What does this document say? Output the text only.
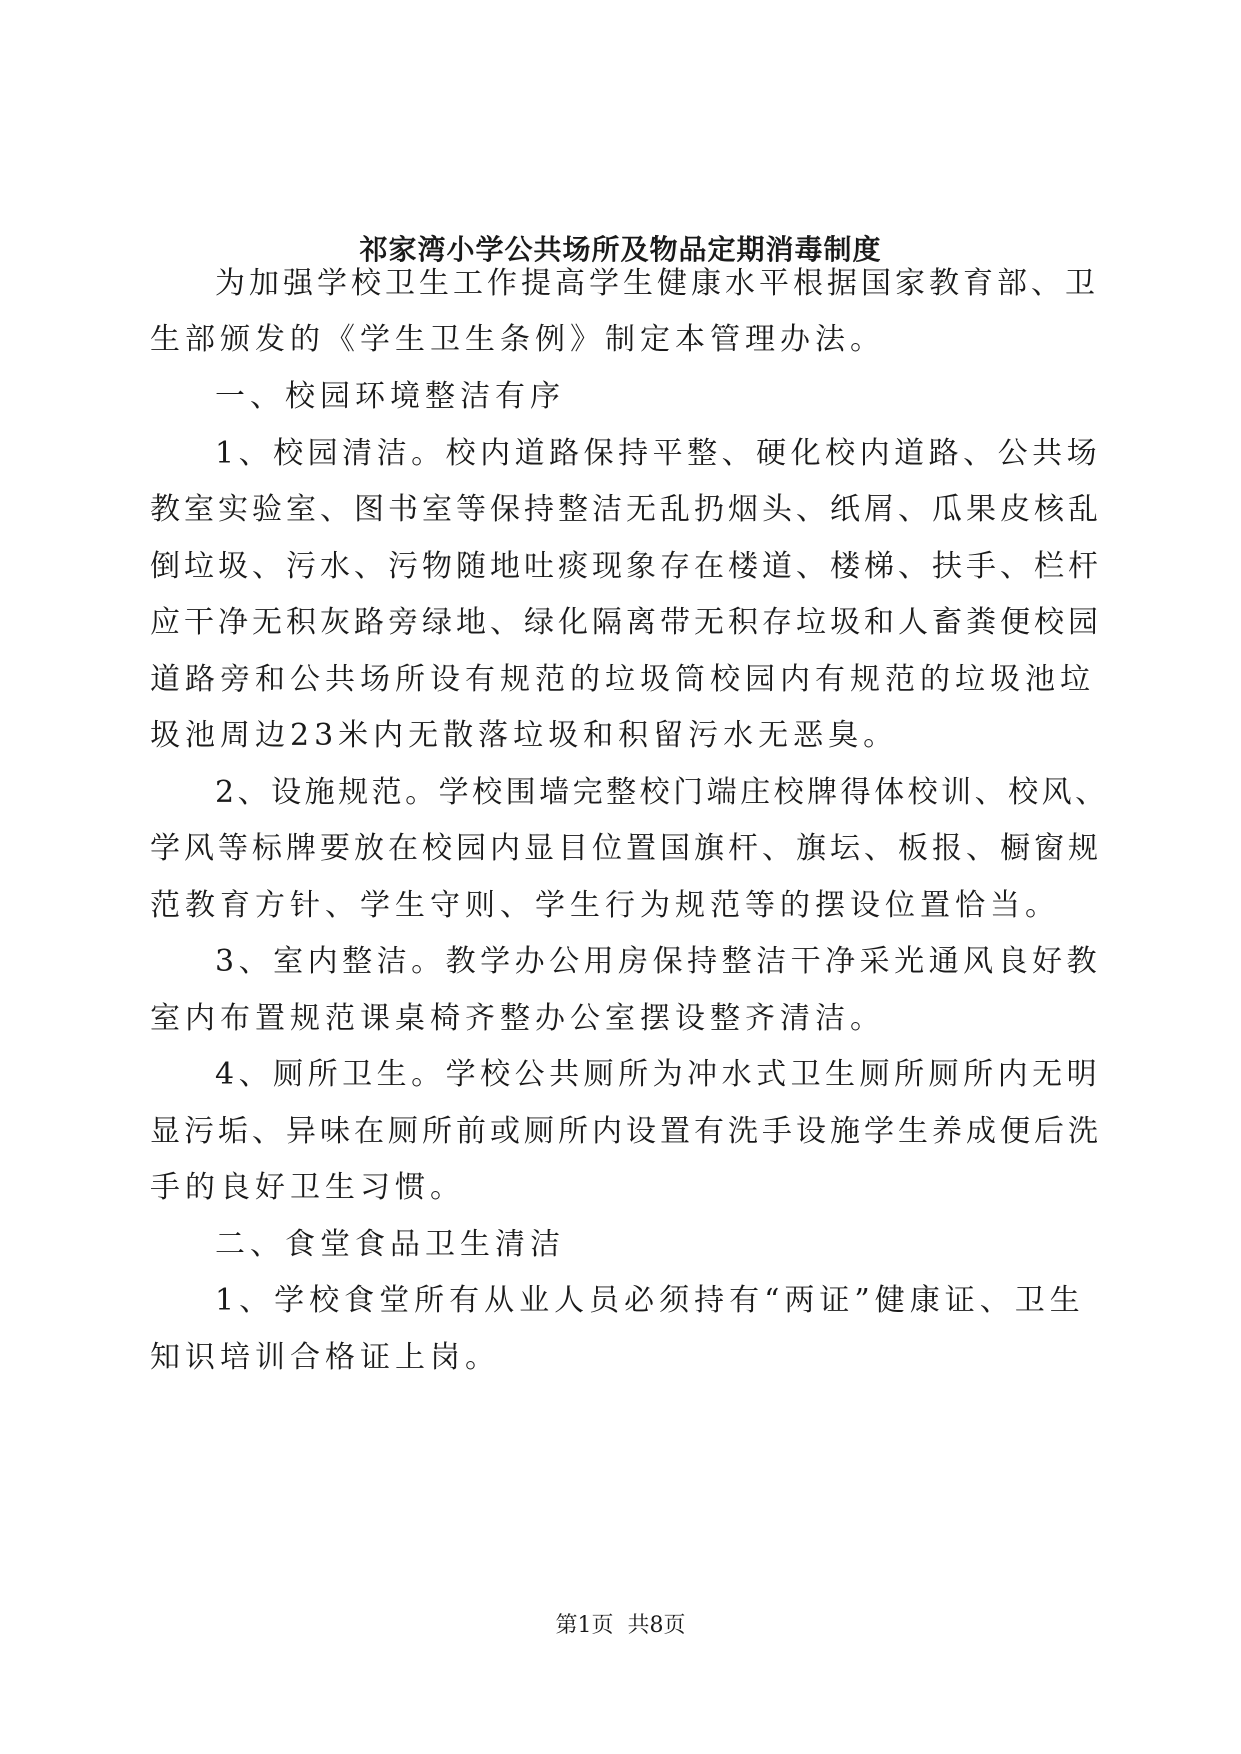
祁家湾小学公共场所及物品定期消毒制度
为加强学校卫生工作提高学生健康水平根据国家教育部、卫
生部颁发的《学生卫生条例》制定本管理办法。
一、校园环境整洁有序
1、校园清洁。校内道路保持平整、硬化校内道路、公共场
教室实验室、图书室等保持整洁无乱扔烟头、纸屑、瓜果皮核乱
倒垃圾、污水、污物随地吐痰现象存在楼道、楼梯、扶手、栏杆
应干净无积灰路旁绿地、绿化隔离带无积存垃圾和人畜粪便校园
道路旁和公共场所设有规范的垃圾筒校园内有规范的垃圾池垃
圾池周边23米内无散落垃圾和积留污水无恶臭。
2、设施规范。学校围墙完整校门端庄校牌得体校训、校风、
学风等标牌要放在校园内显目位置国旗杆、旗坛、板报、橱窗规
范教育方针、学生守则、学生行为规范等的摆设位置恰当。
3、室内整洁。教学办公用房保持整洁干净采光通风良好教
室内布置规范课桌椅齐整办公室摆设整齐清洁。
4、厕所卫生。学校公共厕所为冲水式卫生厕所厕所内无明
显污垢、异味在厕所前或厕所内设置有洗手设施学生养成便后洗
手的良好卫生习惯。
二、食堂食品卫生清洁
1、学校食堂所有从业人员必须持有“两证”健康证、卫生
知识培训合格证上岗。
第1页  共8页
